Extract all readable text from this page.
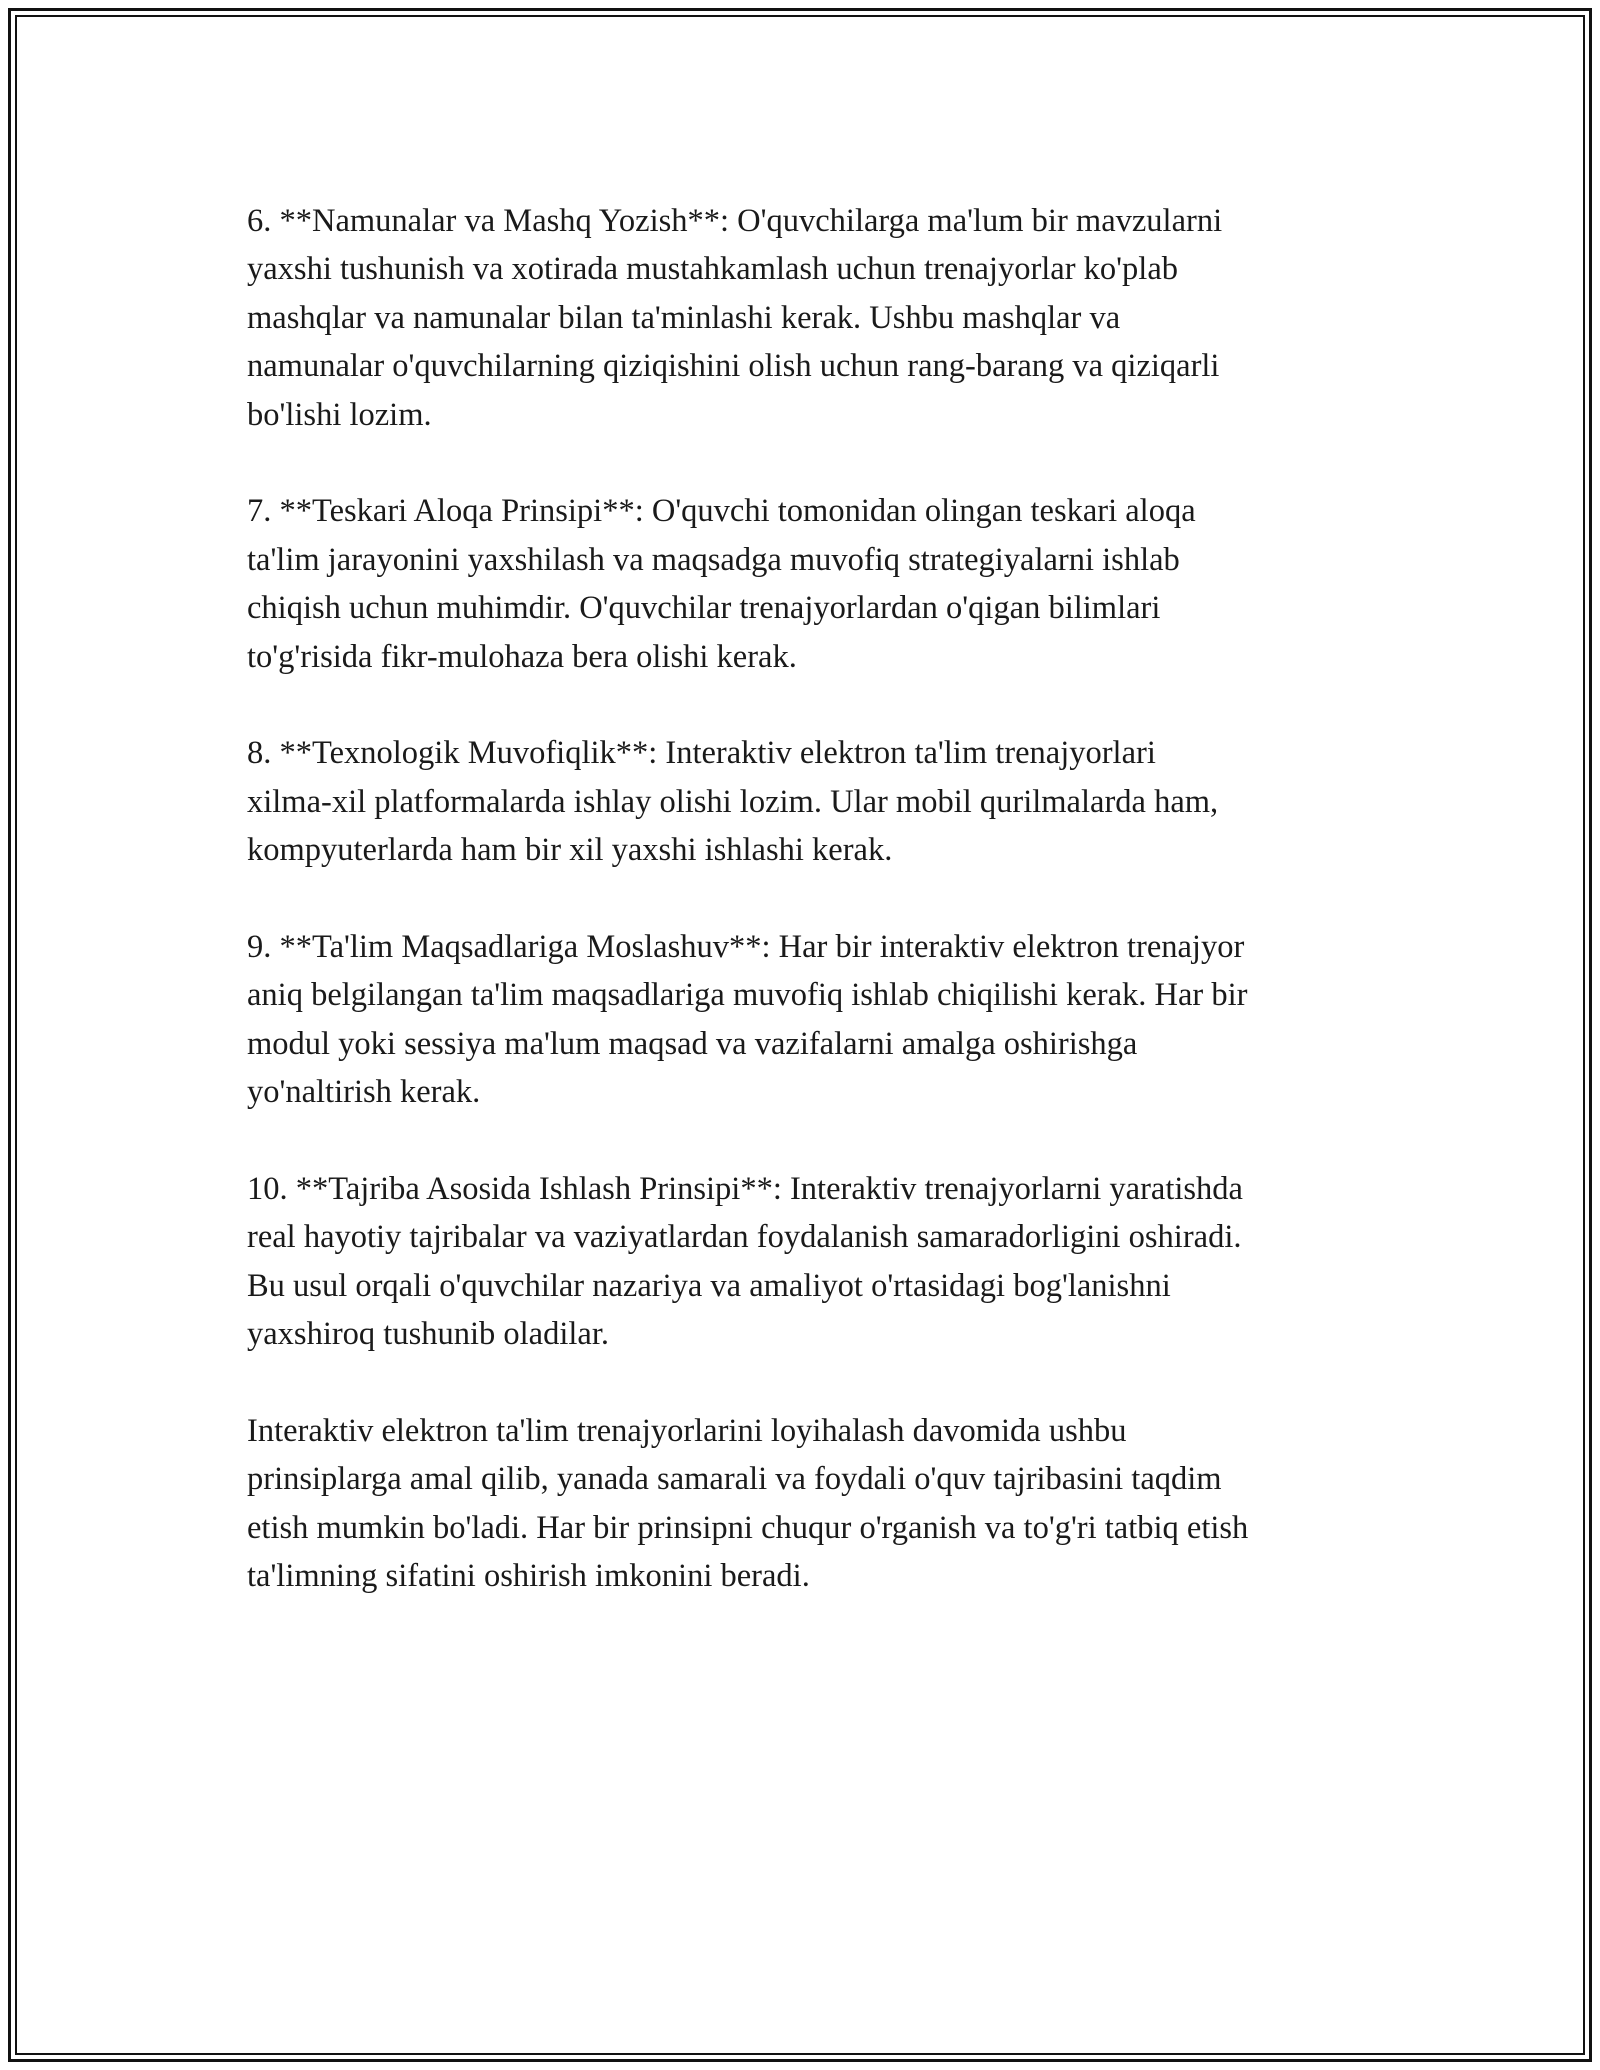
6. **Namunalar va Mashq Yozish**: O'quvchilarga ma'lum bir mavzularni
yaxshi tushunish va xotirada mustahkamlash uchun trenajyorlar ko'plab
mashqlar va namunalar bilan ta'minlashi kerak. Ushbu mashqlar va
namunalar o'quvchilarning qiziqishini olish uchun rang-barang va qiziqarli
bo'lishi lozim.

7. **Teskari Aloqa Prinsipi**: O'quvchi tomonidan olingan teskari aloqa
ta'lim jarayonini yaxshilash va maqsadga muvofiq strategiyalarni ishlab
chiqish uchun muhimdir. O'quvchilar trenajyorlardan o'qigan bilimlari
to'g'risida fikr-mulohaza bera olishi kerak.

8. **Texnologik Muvofiqlik**: Interaktiv elektron ta'lim trenajyorlari
xilma-xil platformalarda ishlay olishi lozim. Ular mobil qurilmalarda ham,
kompyuterlarda ham bir xil yaxshi ishlashi kerak.

9. **Ta'lim Maqsadlariga Moslashuv**: Har bir interaktiv elektron trenajyor
aniq belgilangan ta'lim maqsadlariga muvofiq ishlab chiqilishi kerak. Har bir
modul yoki sessiya ma'lum maqsad va vazifalarni amalga oshirishga
yo'naltirish kerak.

10. **Tajriba Asosida Ishlash Prinsipi**: Interaktiv trenajyorlarni yaratishda
real hayotiy tajribalar va vaziyatlardan foydalanish samaradorligini oshiradi.
Bu usul orqali o'quvchilar nazariya va amaliyot o'rtasidagi bog'lanishni
yaxshiroq tushunib oladilar.

Interaktiv elektron ta'lim trenajyorlarini loyihalash davomida ushbu
prinsiplarga amal qilib, yanada samarali va foydali o'quv tajribasini taqdim
etish mumkin bo'ladi. Har bir prinsipni chuqur o'rganish va to'g'ri tatbiq etish
ta'limning sifatini oshirish imkonini beradi.
